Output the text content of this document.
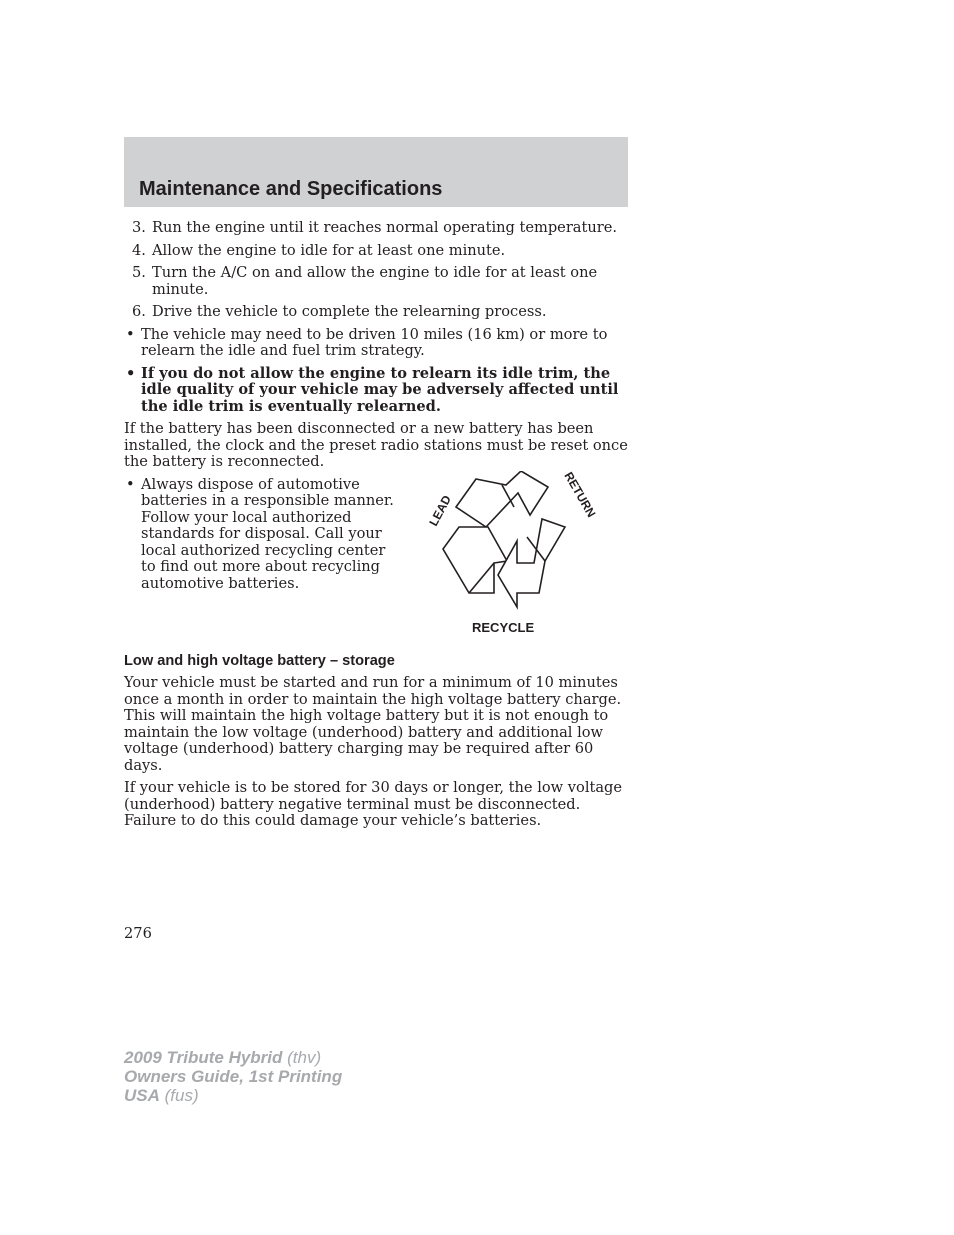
Maintenance and Specifications
3. Run the engine until it reaches normal operating temperature.
4. Allow the engine to idle for at least one minute.
5. Turn the A/C on and allow the engine to idle for at least one minute.
6. Drive the vehicle to complete the relearning process.
• The vehicle may need to be driven 10 miles (16 km) or more to relearn the idle and fuel trim strategy.
• If you do not allow the engine to relearn its idle trim, the idle quality of your vehicle may be adversely affected until the idle trim is eventually relearned.

If the battery has been disconnected or a new battery has been installed, the clock and the preset radio stations must be reset once the battery is reconnected.

• Always dispose of automotive batteries in a responsible manner. Follow your local authorized standards for disposal. Call your local authorized recycling center to find out more about recycling automotive batteries.
LEAD	RETURN
RECYCLE
Low and high voltage battery – storage

Your vehicle must be started and run for a minimum of 10 minutes once a month in order to maintain the high voltage battery charge. This will maintain the high voltage battery but it is not enough to maintain the low voltage (underhood) battery and additional low voltage (underhood) battery charging may be required after 60 days.

If your vehicle is to be stored for 30 days or longer, the low voltage (underhood) battery negative terminal must be disconnected. Failure to do this could damage your vehicle’s batteries.

276
2009 Tribute Hybrid (thv)
Owners Guide, 1st Printing
USA (fus)
